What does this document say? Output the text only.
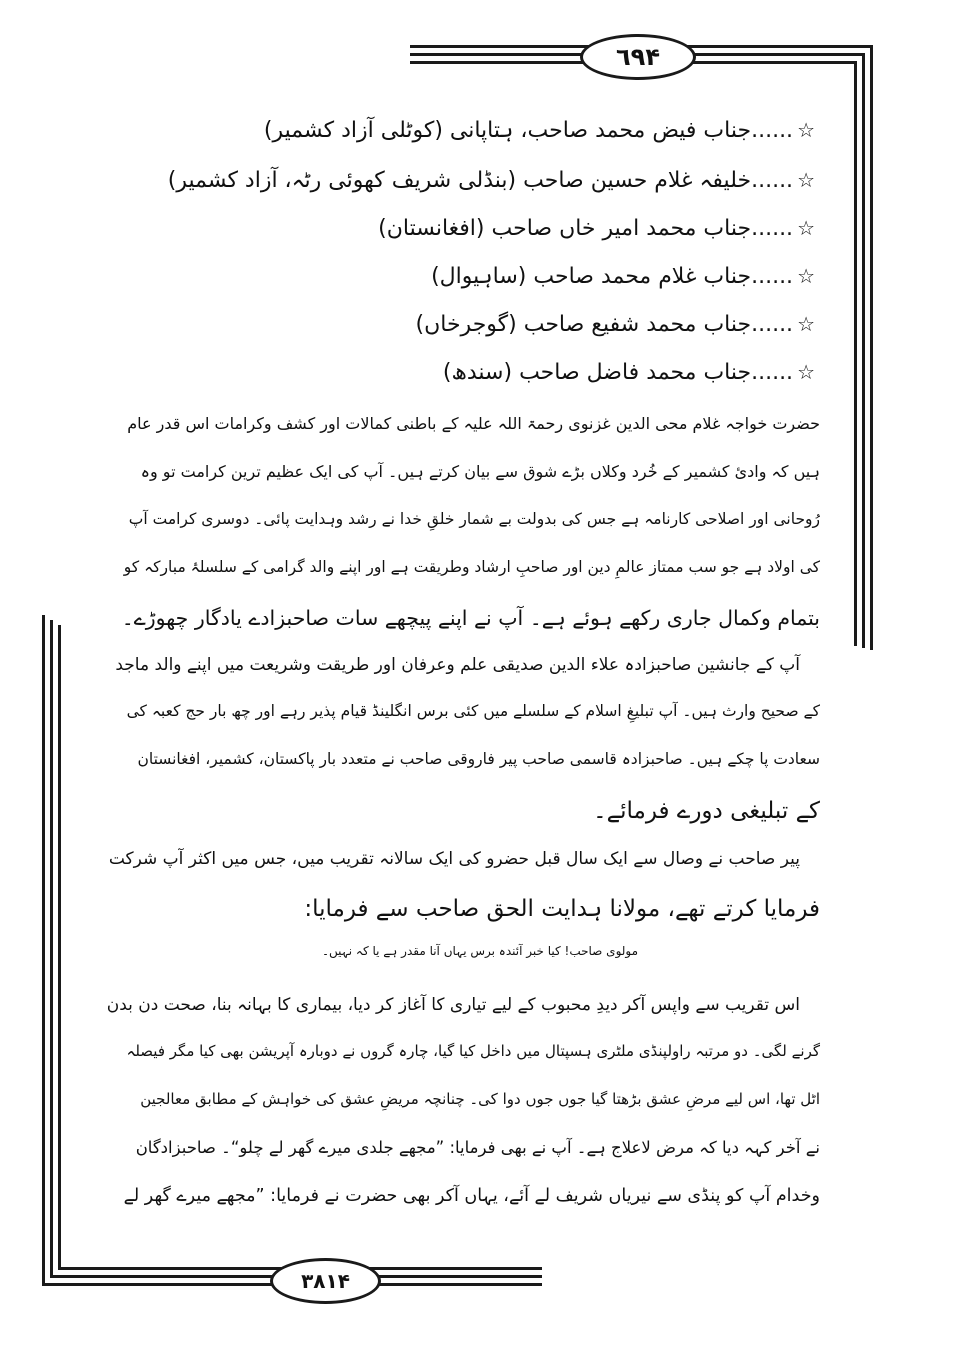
٦٩۴
٣٨١۴
☆......جناب فیض محمد صاحب، ہتاپانی (کوٹلی آزاد کشمیر)
☆......خلیفہ غلام حسین صاحب (بنڈلی شریف کھوئی رٹہ، آزاد کشمیر)
☆......جناب محمد امیر خاں صاحب (افغانستان)
☆......جناب غلام محمد صاحب (ساہیوال)
☆......جناب محمد شفیع صاحب (گوجرخاں)
☆......جناب محمد فاضل صاحب (سندھ)
حضرت خواجہ غلام محی الدین غزنوی رحمۃ اللہ علیہ کے باطنی کمالات اور کشف وکرامات اس قدر عام
ہیں کہ وادئ کشمیر کے خُرد وکلاں بڑے شوق سے بیان کرتے ہیں۔ آپ کی ایک عظیم ترین کرامت تو وہ
رُوحانی اور اصلاحی کارنامہ ہے جس کی بدولت بے شمار خلقِ خدا نے رشد وہدایت پائی۔ دوسری کرامت آپ
کی اولاد ہے جو سب ممتاز عالمِ دین اور صاحبِ ارشاد وطریقت ہے اور اپنے والد گرامی کے سلسلۂ مبارکہ کو
بتمام وکمال جاری رکھے ہوئے ہے۔ آپ نے اپنے پیچھے سات صاحبزادے یادگار چھوڑے۔
آپ کے جانشین صاحبزادہ علاء الدین صدیقی علم وعرفان اور طریقت وشریعت میں اپنے والد ماجد
کے صحیح وارث ہیں۔ آپ تبلیغِ اسلام کے سلسلے میں کئی برس انگلینڈ قیام پذیر رہے اور چھ بار حج کعبہ کی
سعادت پا چکے ہیں۔ صاحبزادہ قاسمی صاحب پیر فاروقی صاحب نے متعدد بار پاکستان، کشمیر، افغانستان
کے تبلیغی دورے فرمائے۔
پیر صاحب نے وصال سے ایک سال قبل حضرو کی ایک سالانہ تقریب میں، جس میں اکثر آپ شرکت
فرمایا کرتے تھے، مولانا ہدایت الحق صاحب سے فرمایا:
مولوی صاحب! کیا خبر آئندہ برس یہاں آنا مقدر ہے یا کہ نہیں۔
اس تقریب سے واپس آکر دیدِ محبوب کے لیے تیاری کا آغاز کر دیا، بیماری کا بہانہ بنا، صحت دن بدن
گرنے لگی۔ دو مرتبہ راولپنڈی ملٹری ہسپتال میں داخل کیا گیا، چارہ گروں نے دوبارہ آپریشن بھی کیا مگر فیصلہ
اٹل تھا، اس لیے مرضِ عشق بڑھتا گیا جوں جوں دوا کی۔ چنانچہ مریضِ عشق کی خواہش کے مطابق معالجین
نے آخر کہہ دیا کہ مرض لاعلاج ہے۔ آپ نے بھی فرمایا: ”مجھے جلدی میرے گھر لے چلو“۔ صاحبزادگان
وخدام آپ کو پنڈی سے نیریاں شریف لے آئے، یہاں آکر بھی حضرت نے فرمایا: ”مجھے میرے گھر لے
